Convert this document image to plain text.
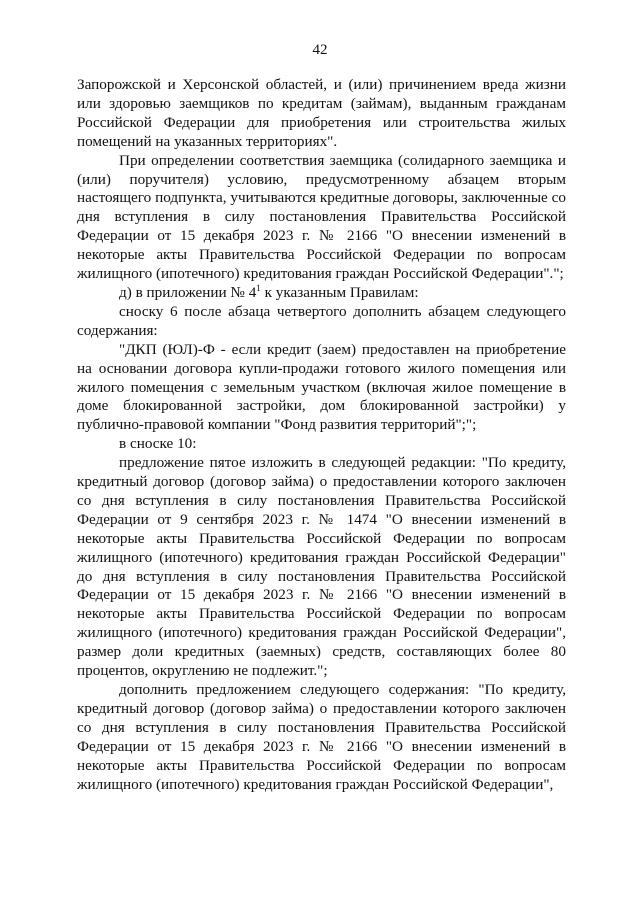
42

Запорожской и Херсонской областей, и (или) причинением вреда жизни или здоровью заемщиков по кредитам (займам), выданным гражданам Российской Федерации для приобретения или строительства жилых помещений на указанных территориях".

При определении соответствия заемщика (солидарного заемщика и (или) поручителя) условию, предусмотренному абзацем вторым настоящего подпункта, учитываются кредитные договоры, заключенные со дня вступления в силу постановления Правительства Российской Федерации от 15 декабря 2023 г. № 2166 "О внесении изменений в некоторые акты Правительства Российской Федерации по вопросам жилищного (ипотечного) кредитования граждан Российской Федерации".";

д) в приложении № $4^1$ к указанным Правилам:

сноску 6 после абзаца четвертого дополнить абзацем следующего содержания:

"ДКП (ЮЛ)-Ф - если кредит (заем) предоставлен на приобретение на основании договора купли-продажи готового жилого помещения или жилого помещения с земельным участком (включая жилое помещение в доме блокированной застройки, дом блокированной застройки) у публично-правовой компании "Фонд развития территорий";";

в сноске 10:

предложение пятое изложить в следующей редакции: "По кредиту, кредитный договор (договор займа) о предоставлении которого заключен со дня вступления в силу постановления Правительства Российской Федерации от 9 сентября 2023 г. № 1474 "О внесении изменений в некоторые акты Правительства Российской Федерации по вопросам жилищного (ипотечного) кредитования граждан Российской Федерации" до дня вступления в силу постановления Правительства Российской Федерации от 15 декабря 2023 г. № 2166 "О внесении изменений в некоторые акты Правительства Российской Федерации по вопросам жилищного (ипотечного) кредитования граждан Российской Федерации", размер доли кредитных (заемных) средств, составляющих более 80 процентов, округлению не подлежит.";

дополнить предложением следующего содержания: "По кредиту, кредитный договор (договор займа) о предоставлении которого заключен со дня вступления в силу постановления Правительства Российской Федерации от 15 декабря 2023 г. № 2166 "О внесении изменений в некоторые акты Правительства Российской Федерации по вопросам жилищного (ипотечного) кредитования граждан Российской Федерации",
